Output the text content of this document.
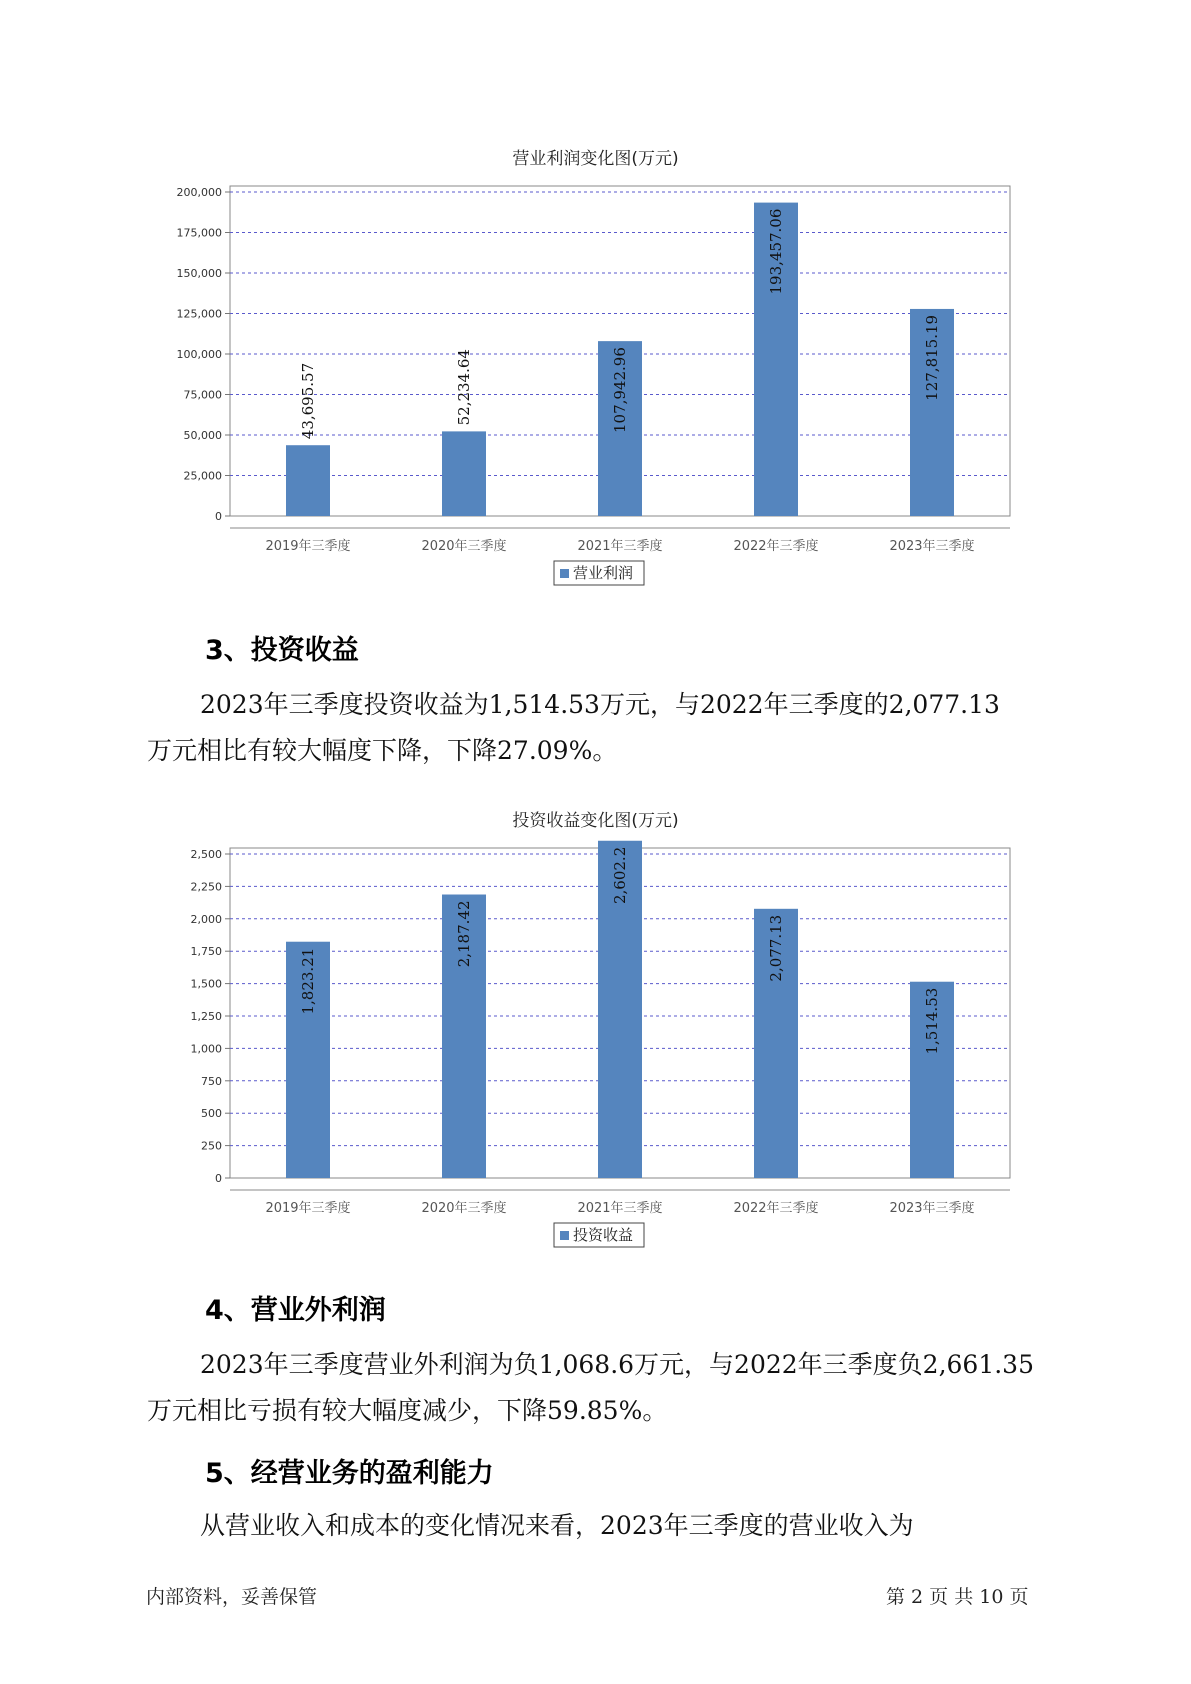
营业利润变化图(万元)
0
25,000
50,000
75,000
100,000
125,000
150,000
175,000
200,000
2019年三季度
43,695.57
2020年三季度
52,234.64
2021年三季度
107,942.96
2022年三季度
193,457.06
2023年三季度
127,815.19
营业利润
3、投资收益
2023年三季度投资收益为1,514.53万元，与2022年三季度的2,077.13
万元相比有较大幅度下降，下降27.09%。
投资收益变化图(万元)
0
250
500
750
1,000
1,250
1,500
1,750
2,000
2,250
2,500
2019年三季度
1,823.21
2020年三季度
2,187.42
2021年三季度
2,602.2
2022年三季度
2,077.13
2023年三季度
1,514.53
投资收益
4、营业外利润
2023年三季度营业外利润为负1,068.6万元，与2022年三季度负2,661.35
万元相比亏损有较大幅度减少，下降59.85%。
5、经营业务的盈利能力
从营业收入和成本的变化情况来看，2023年三季度的营业收入为
内部资料，妥善保管	第 2 页 共 10 页
